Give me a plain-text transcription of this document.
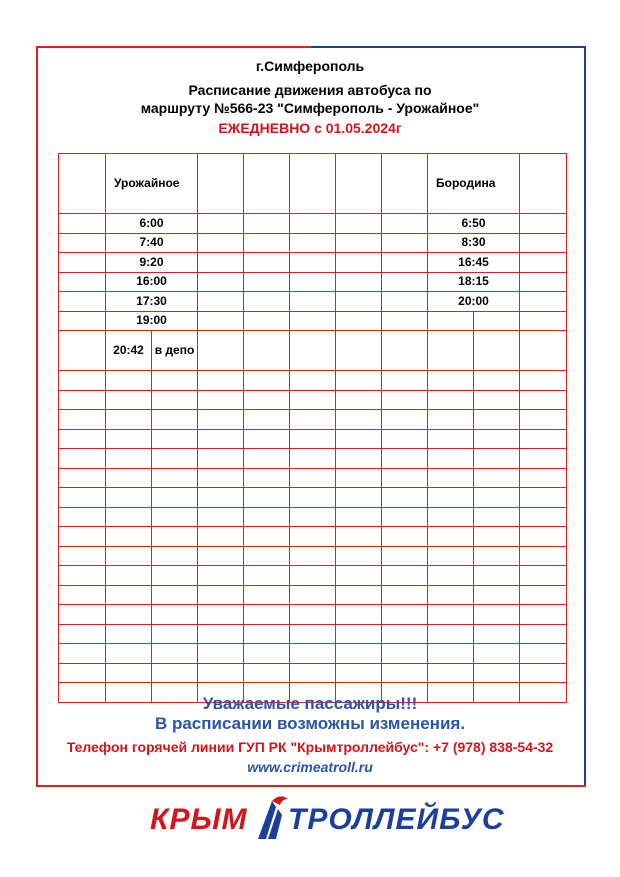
г.Симферополь
Расписание движения автобуса по
маршруту №566-23 "Симферополь - Урожайное"
ЕЖЕДНЕВНО с 01.05.2024г
	Урожайное							Бородина		
	6:00							6:50		
	7:40							8:30		
	9:20							16:45		
	16:00							18:15		
	17:30							20:00		
	19:00									
	20:42	в депо								

Уважаемые пассажиры!!!
В расписании возможны изменения.
Телефон горячей линии ГУП РК "Крымтроллейбус": +7 (978) 838-54-32
www.crimeatroll.ru
КРЫМ ТРОЛЛЕЙБУС
